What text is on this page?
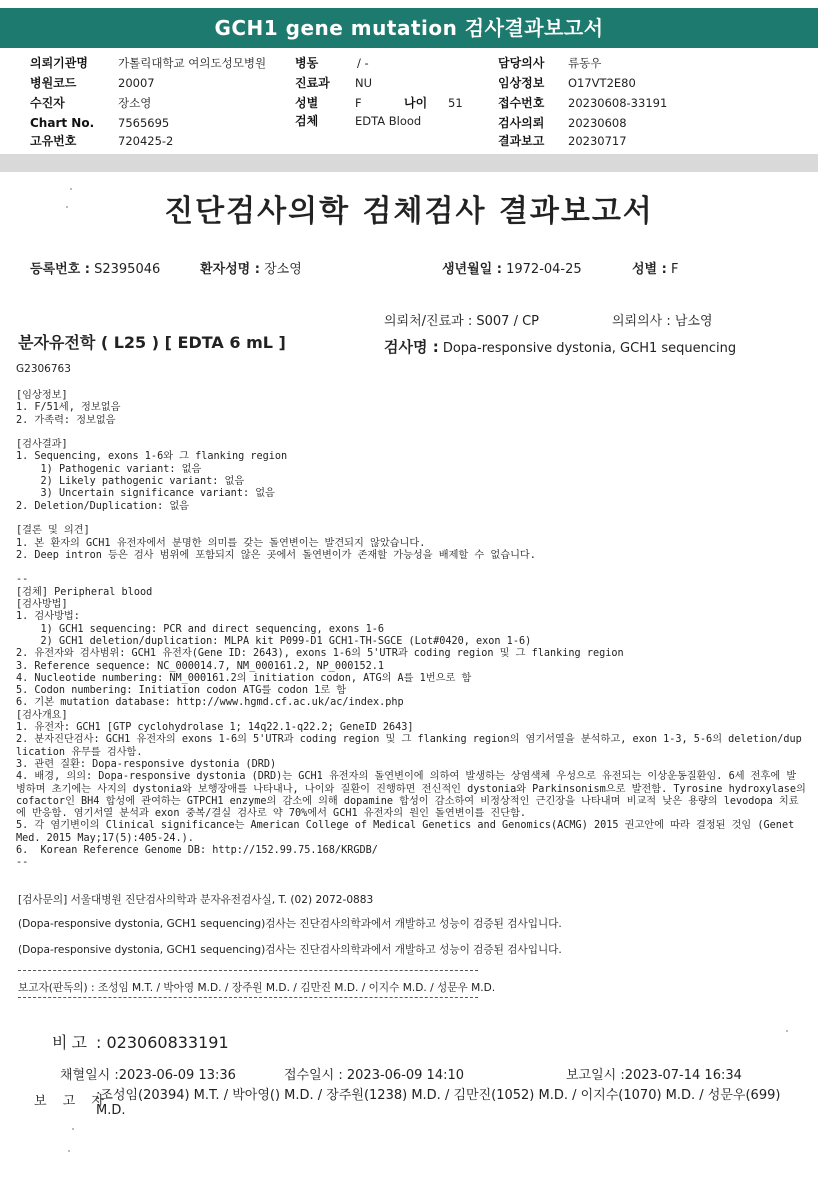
GCH1 gene mutation 검사결과보고서
의뢰기관명	가톨릭대학교 여의도성모병원
병원코드	20007
수진자	장소영
Chart No. 7565695
고유번호	720425-2
병동	/ -
진료과 NU
성별	F	나이 51
검체	EDTA Blood
담당의사 류동우
임상정보 O17VT2E80
접수번호 20230608-33191
검사의뢰 20230608
결과보고 20230717
진단검사의학 검체검사 결과보고서
등록번호 : S2395046	환자성명 : 장소영	생년월일 : 1972-04-25	성별 : F
의뢰처/진료과 : S007 / CP	의뢰의사 : 남소영
분자유전학 ( L25 ) [ EDTA 6 mL ]	검사명 : Dopa-responsive dystonia, GCH1 sequencing
G2306763
[임상정보]
1. F/51세, 정보없음
2. 가족력: 정보없음

[검사결과]
1. Sequencing, exons 1-6와 그 flanking region
1) Pathogenic variant: 없음
2) Likely pathogenic variant: 없음
3) Uncertain significance variant: 없음
2. Deletion/Duplication: 없음

[결론 및 의견]
1. 본 환자의 GCH1 유전자에서 분명한 의미를 갖는 돌연변이는 발견되지 않았습니다.
2. Deep intron 등은 검사 범위에 포함되지 않은 곳에서 돌연변이가 존재할 가능성을 배제할 수 없습니다.

--
[검체] Peripheral blood
[검사방법]
1. 검사방법:
1) GCH1 sequencing: PCR and direct sequencing, exons 1-6
2) GCH1 deletion/duplication: MLPA kit P099-D1 GCH1-TH-SGCE (Lot#0420, exon 1-6)
2. 유전자와 검사범위: GCH1 유전자(Gene ID: 2643), exons 1-6의 5'UTR과 coding region 및 그 flanking region
3. Reference sequence: NC_000014.7, NM_000161.2, NP_000152.1
4. Nucleotide numbering: NM_000161.2의 initiation codon, ATG의 A를 1번으로 함
5. Codon numbering: Initiation codon ATG를 codon 1로 함
6. 기본 mutation database: http://www.hgmd.cf.ac.uk/ac/index.php
[검사개요]
1. 유전자: GCH1 [GTP cyclohydrolase 1; 14q22.1-q22.2; GeneID 2643]
2. 분자진단검사: GCH1 유전자의 exons 1-6의 5'UTR과 coding region 및 그 flanking region의 염기서열을 분석하고, exon 1-3, 5-6의 deletion/duplication 유무를 검사함.
3. 관련 질환: Dopa-responsive dystonia (DRD)
4. 배경, 의의: Dopa-responsive dystonia (DRD)는 GCH1 유전자의 돌연변이에 의하여 발생하는 상염색체 우성으로 유전되는 이상운동질환임. 6세 전후에 발병하며 초기에는 사지의 dystonia와 보행장애를 나타내나, 나이와 질환이 진행하면 전신적인 dystonia와 Parkinsonism으로 발전함. Tyrosine hydroxylase의 cofactor인 BH4 합성에 관여하는 GTPCH1 enzyme의 감소에 의해 dopamine 합성이 감소하여 비정상적인 근긴장을 나타내며 비교적 낮은 용량의 levodopa 치료에 반응함. 염기서열 분석과 exon 중복/결실 검사로 약 70%에서 GCH1 유전자의 원인 돌연변이를 진단함.
5. 각 염기변이의 Clinical significance는 American College of Medical Genetics and Genomics(ACMG) 2015 권고안에 따라 결정된 것임 (Genet Med. 2015 May;17(5):405-24.).
6.  Korean Reference Genome DB: http://152.99.75.168/KRGDB/
--
[검사문의] 서울대병원 진단검사의학과 분자유전검사실, T. (02) 2072-0883
(Dopa-responsive dystonia, GCH1 sequencing)검사는 진단검사의학과에서 개발하고 성능이 검증된 검사입니다.
(Dopa-responsive dystonia, GCH1 sequencing)검사는 진단검사의학과에서 개발하고 성능이 검증된 검사입니다.
보고자(판독의) : 조성임 M.T. / 박아영 M.D. / 장주원 M.D. / 김만진 M.D. / 이지수 M.D. / 성문우 M.D.
비고 : 023060833191
채혈일시 :2023-06-09 13:36	접수일시 : 2023-06-09 14:10	보고일시 :2023-07-14 16:34
보 고 자
:조성임(20394) M.T. / 박아영() M.D. / 장주원(1238) M.D. / 김만진(1052) M.D. / 이지수(1070) M.D. / 성문우(699) M.D.
